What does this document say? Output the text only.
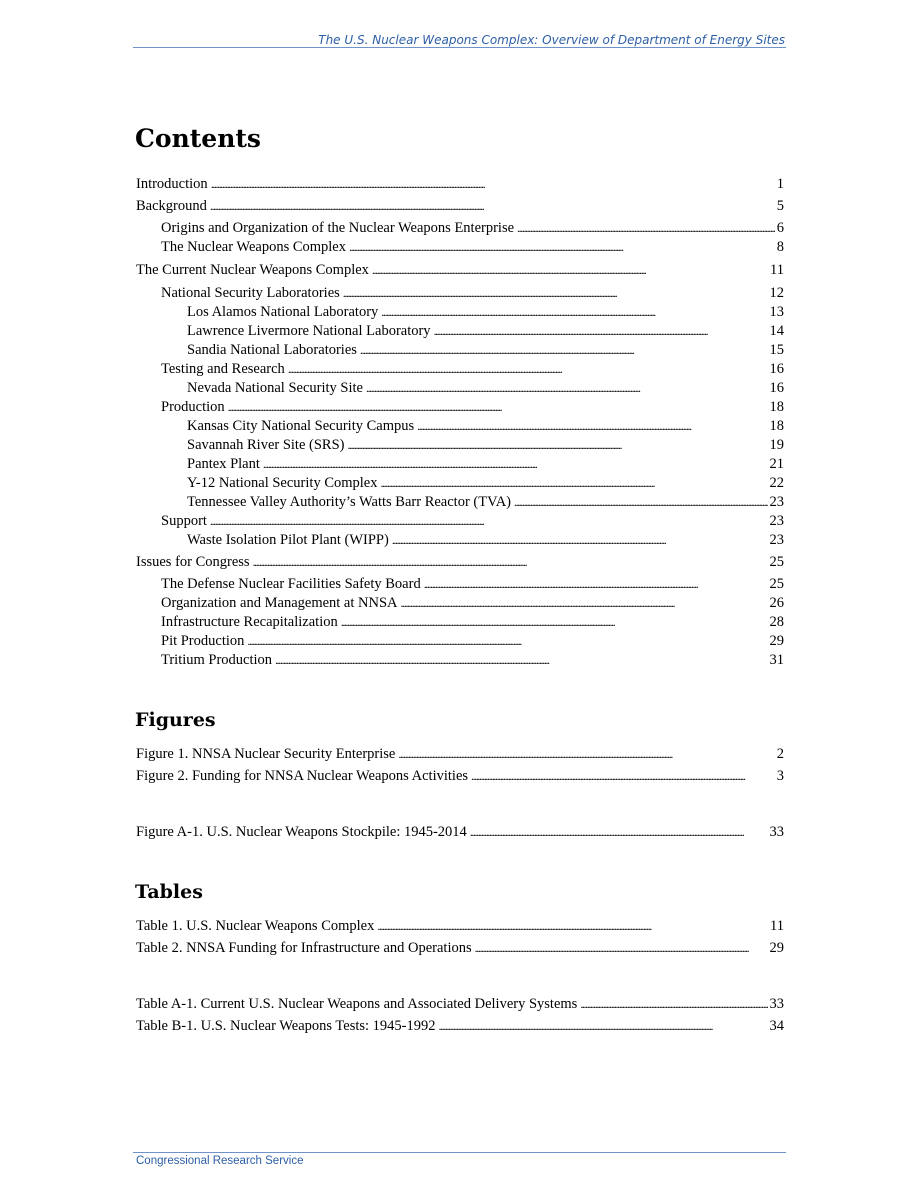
The U.S. Nuclear Weapons Complex: Overview of Department of Energy Sites
Contents
Introduction . . .	1
Background . . .	5
Origins and Organization of the Nuclear Weapons Enterprise . . .	6
The Nuclear Weapons Complex . . .	8
The Current Nuclear Weapons Complex . . .	11
National Security Laboratories . . .	12
Los Alamos National Laboratory . . .	13
Lawrence Livermore National Laboratory . . .	14
Sandia National Laboratories . . .	15
Testing and Research . . .	16
Nevada National Security Site . . .	16
Production . . .	18
Kansas City National Security Campus . . .	18
Savannah River Site (SRS) . . .	19
Pantex Plant . . .	21
Y-12 National Security Complex . . .	22
Tennessee Valley Authority’s Watts Barr Reactor (TVA) . . .	23
Support . . .	23
Waste Isolation Pilot Plant (WIPP) . . .	23
Issues for Congress . . .	25
The Defense Nuclear Facilities Safety Board . . .	25
Organization and Management at NNSA . . .	26
Infrastructure Recapitalization . . .	28
Pit Production . . .	29
Tritium Production . . .	31
Figures
Figure 1. NNSA Nuclear Security Enterprise . . .	2
Figure 2. Funding for NNSA Nuclear Weapons Activities . . .	3
Figure A-1. U.S. Nuclear Weapons Stockpile: 1945-2014 . . .	33
Tables
Table 1. U.S. Nuclear Weapons Complex . . .	11
Table 2. NNSA Funding for Infrastructure and Operations . . .	29
Table A-1. Current U.S. Nuclear Weapons and Associated Delivery Systems . . .	33
Table B-1. U.S. Nuclear Weapons Tests: 1945-1992 . . .	34
Congressional Research Service
